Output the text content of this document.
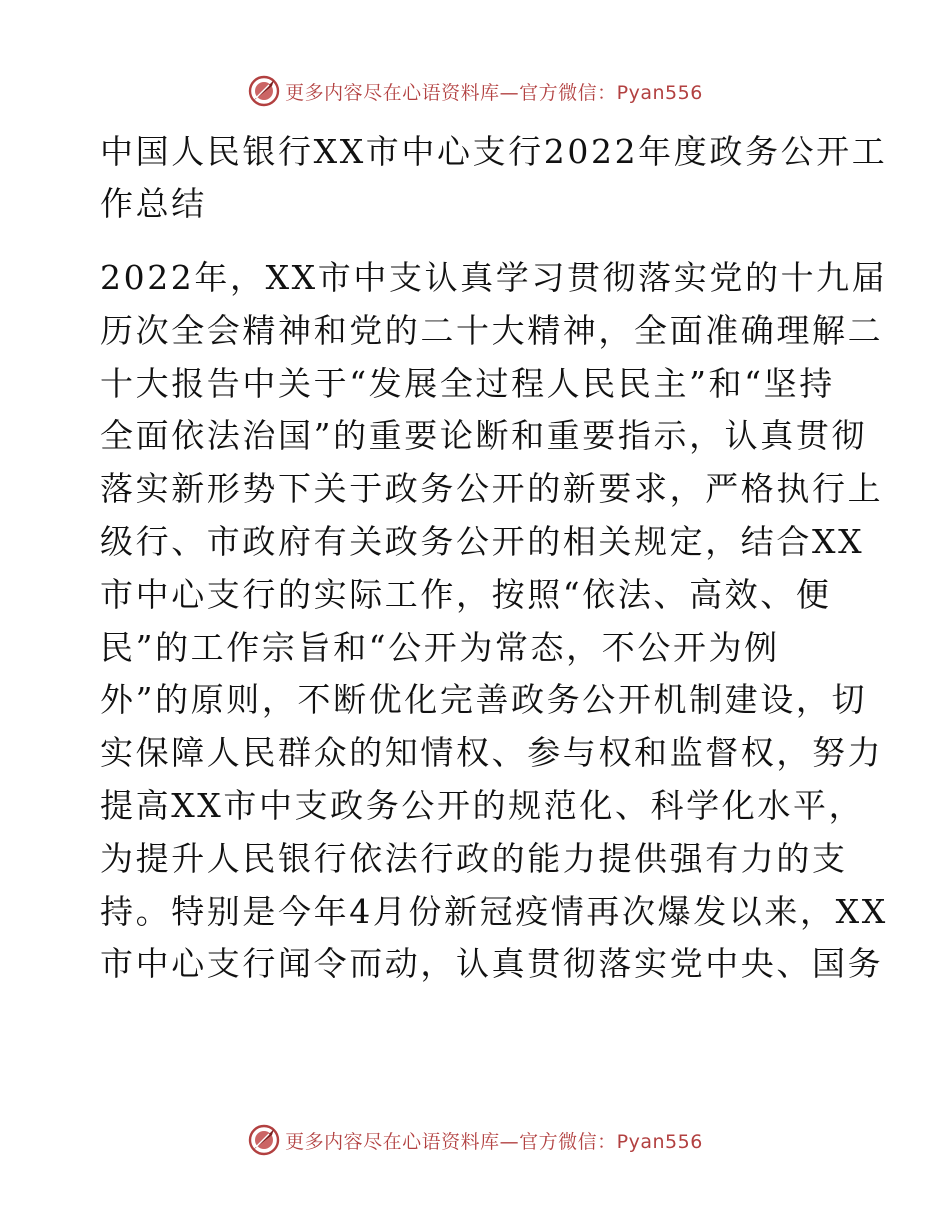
更多内容尽在心语资料库—官方微信：Pyan556
中国人民银行XX市中心支行2022年度政务公开工
作总结
2022年，XX市中支认真学习贯彻落实党的十九届
历次全会精神和党的二十大精神，全面准确理解二
十大报告中关于“发展全过程人民民主”和“坚持
全面依法治国”的重要论断和重要指示，认真贯彻
落实新形势下关于政务公开的新要求，严格执行上
级行、市政府有关政务公开的相关规定，结合XX
市中心支行的实际工作，按照“依法、高效、便
民”的工作宗旨和“公开为常态，不公开为例
外”的原则，不断优化完善政务公开机制建设，切
实保障人民群众的知情权、参与权和监督权，努力
提高XX市中支政务公开的规范化、科学化水平，
为提升人民银行依法行政的能力提供强有力的支
持。特别是今年4月份新冠疫情再次爆发以来，XX
市中心支行闻令而动，认真贯彻落实党中央、国务
更多内容尽在心语资料库—官方微信：Pyan556
